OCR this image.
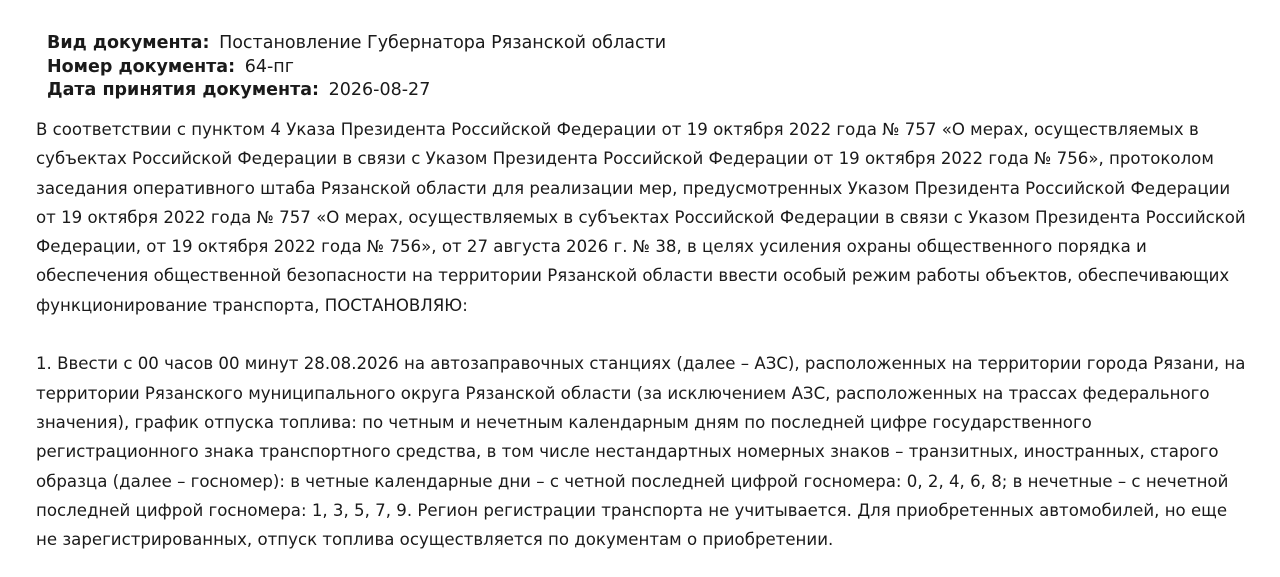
Вид документа: Постановление Губернатора Рязанской области
Номер документа: 64-пг
Дата принятия документа: 2026-08-27

В соответствии с пунктом 4 Указа Президента Российской Федерации от 19 октября 2022 года № 757 «О мерах, осуществляемых в субъектах Российской Федерации в связи с Указом Президента Российской Федерации от 19 октября 2022 года № 756», протоколом заседания оперативного штаба Рязанской области для реализации мер, предусмотренных Указом Президента Российской Федерации от 19 октября 2022 года № 757 «О мерах, осуществляемых в субъектах Российской Федерации в связи с Указом Президента Российской Федерации, от 19 октября 2022 года № 756», от 27 августа 2026 г. № 38, в целях усиления охраны общественного порядка и обеспечения общественной безопасности на территории Рязанской области ввести особый режим работы объектов, обеспечивающих функционирование транспорта, ПОСТАНОВЛЯЮ:

1. Ввести с 00 часов 00 минут 28.08.2026 на автозаправочных станциях (далее – АЗС), расположенных на территории города Рязани, на территории Рязанского муниципального округа Рязанской области (за исключением АЗС, расположенных на трассах федерального значения), график отпуска топлива: по четным и нечетным календарным дням по последней цифре государственного регистрационного знака транспортного средства, в том числе нестандартных номерных знаков – транзитных, иностранных, старого образца (далее – госномер): в четные календарные дни – с четной последней цифрой госномера: 0, 2, 4, 6, 8; в нечетные – с нечетной последней цифрой госномера: 1, 3, 5, 7, 9. Регион регистрации транспорта не учитывается. Для приобретенных автомобилей, но еще не зарегистрированных, отпуск топлива осуществляется по документам о приобретении.
